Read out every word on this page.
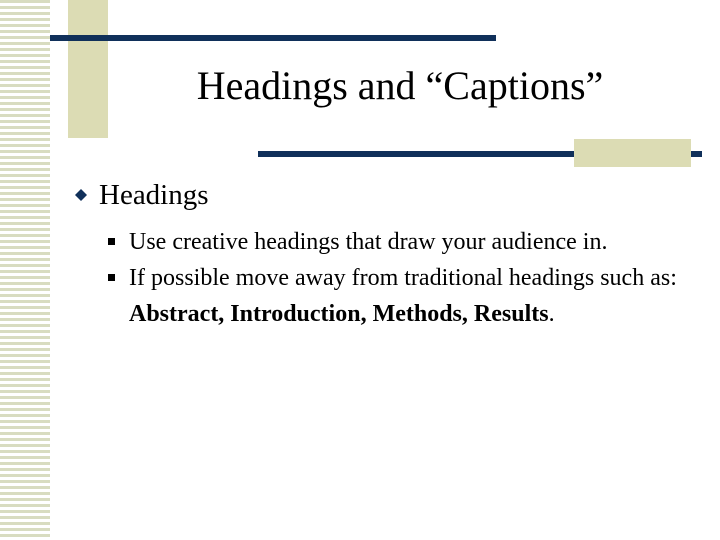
Headings and “Captions”
Headings
Use creative headings that draw your audience in.
If possible move away from traditional headings such as: Abstract, Introduction, Methods, Results.
